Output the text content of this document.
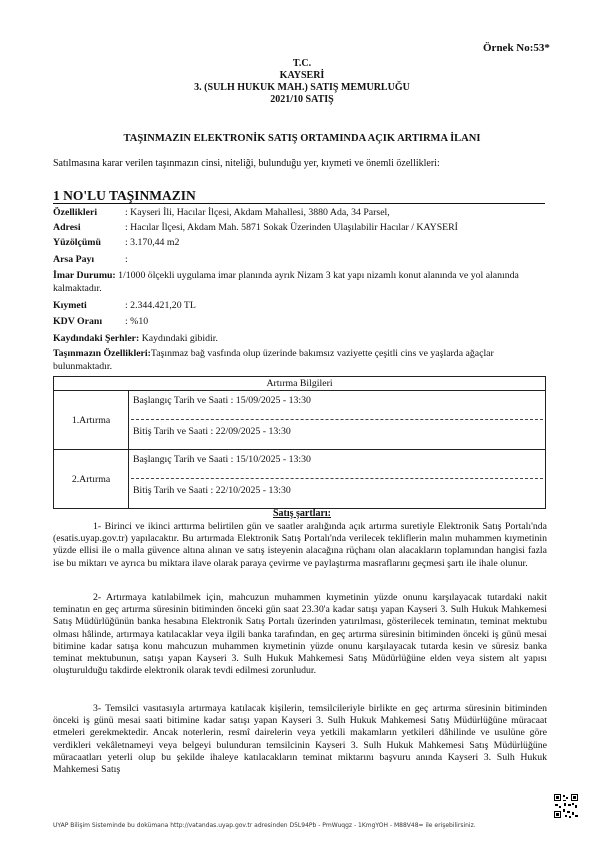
Örnek No:53*
T.C.
KAYSERİ
3. (SULH HUKUK MAH.) SATIŞ MEMURLUĞU
2021/10 SATIŞ
TAŞINMAZIN ELEKTRONİK SATIŞ ORTAMINDA AÇIK ARTIRMA İLANI
Satılmasına karar verilen taşınmazın cinsi, niteliği, bulunduğu yer, kıymeti ve önemli özellikleri:
1 NO'LU TAŞINMAZIN
Özellikleri	: Kayseri İli, Hacılar İlçesi, Akdam Mahallesi, 3880 Ada, 34 Parsel,
Adresi	: Hacılar İlçesi, Akdam Mah. 5871 Sokak Üzerinden Ulaşılabilir Hacılar / KAYSERİ
Yüzölçümü : 3.170,44 m2
Arsa Payı	:
İmar Durumu: 1/1000 ölçekli uygulama imar planında ayrık Nizam 3 kat yapı nizamlı konut alanında ve yol alanında kalmaktadır.
Kıymeti	: 2.344.421,20 TL
KDV Oranı : %10
Kaydındaki Şerhler: Kaydındaki gibidir.
Taşınmazın Özellikleri:Taşınmaz bağ vasfında olup üzerinde bakımsız vaziyette çeşitli cins ve yaşlarda ağaçlar bulunmaktadır.
Artırma Bilgileri	
1.Artırma	Başlangıç Tarih ve Saati : 15/09/2025 - 13:30
Bitiş Tarih ve Saati : 22/09/2025 - 13:30

2.Artırma	Başlangıç Tarih ve Saati : 15/10/2025 - 13:30
Bitiş Tarih ve Saati : 22/10/2025 - 13:30
Satış şartları:
1- Birinci ve ikinci arttırma belirtilen gün ve saatler aralığında açık artırma suretiyle Elektronik Satış Portalı'nda (esatis.uyap.gov.tr) yapılacaktır. Bu artırmada Elektronik Satış Portalı'nda verilecek tekliflerin malın muhammen kıymetinin yüzde ellisi ile o malla güvence altına alınan ve satış isteyenin alacağına rüçhanı olan alacakların toplamından hangisi fazla ise bu miktarı ve ayrıca bu miktara ilave olarak paraya çevirme ve paylaştırma masraflarını geçmesi şartı ile ihale olunur.
2- Artırmaya katılabilmek için, mahcuzun muhammen kıymetinin yüzde onunu karşılayacak tutardaki nakit teminatın en geç artırma süresinin bitiminden önceki gün saat 23.30'a kadar satışı yapan Kayseri 3. Sulh Hukuk Mahkemesi Satış Müdürlüğünün banka hesabına Elektronik Satış Portalı üzerinden yatırılması, gösterilecek teminatın, teminat mektubu olması hâlinde, artırmaya katılacaklar veya ilgili banka tarafından, en geç artırma süresinin bitiminden önceki iş günü mesai bitimine kadar satışa konu mahcuzun muhammen kıymetinin yüzde onunu karşılayacak tutarda kesin ve süresiz banka teminat mektubunun, satışı yapan Kayseri 3. Sulh Hukuk Mahkemesi Satış Müdürlüğüne elden veya sistem alt yapısı oluşturulduğu takdirde elektronik olarak tevdi edilmesi zorunludur.
3- Temsilci vasıtasıyla artırmaya katılacak kişilerin, temsilcileriyle birlikte en geç artırma süresinin bitiminden önceki iş günü mesai saati bitimine kadar satışı yapan Kayseri 3. Sulh Hukuk Mahkemesi Satış Müdürlüğüne müracaat etmeleri gerekmektedir. Ancak noterlerin, resmî dairelerin veya yetkili makamların yetkileri dâhilinde ve usulüne göre verdikleri vekâletnameyi veya belgeyi bulunduran temsilcinin Kayseri 3. Sulh Hukuk Mahkemesi Satış Müdürlüğüne müracaatları yeterli olup bu şekilde ihaleye katılacakların teminat miktarını başvuru anında Kayseri 3. Sulh Hukuk Mahkemesi Satış
UYAP Bilişim Sisteminde bu dokümana http://vatandas.uyap.gov.tr adresinden D5L94Pb - PmWuqgz - 1KmgYOH - M88V48= ile erişebilirsiniz.
